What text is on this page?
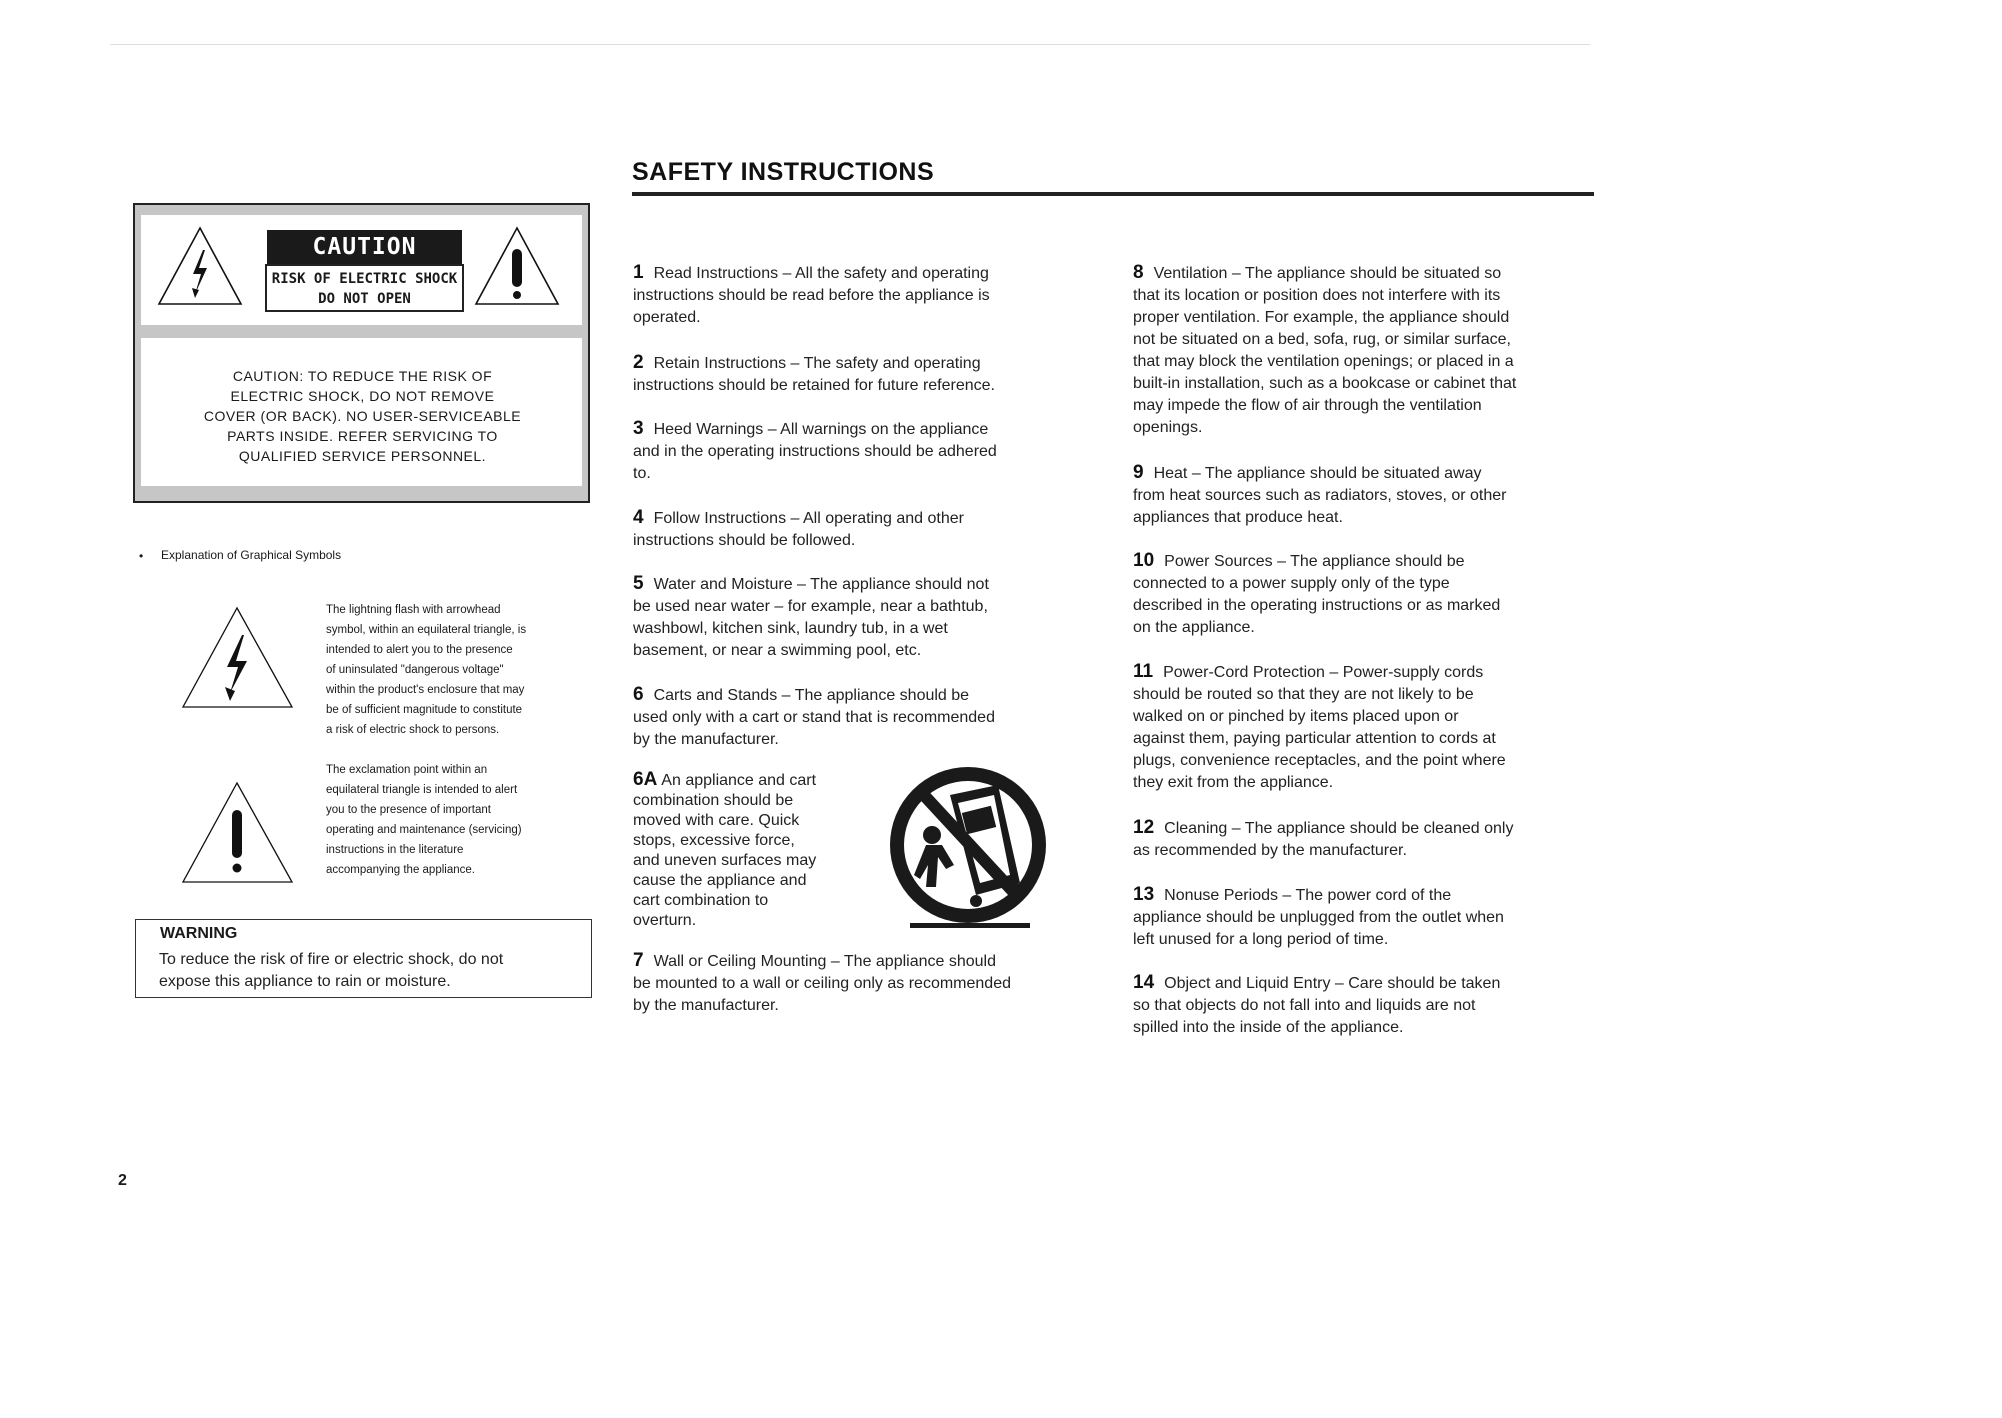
SAFETY INSTRUCTIONS
CAUTION
RISK OF ELECTRIC SHOCK
DO NOT OPEN
CAUTION: TO REDUCE THE RISK OF
ELECTRIC SHOCK, DO NOT REMOVE
COVER (OR BACK). NO USER-SERVICEABLE
PARTS INSIDE. REFER SERVICING TO
QUALIFIED SERVICE PERSONNEL.
• Explanation of Graphical Symbols
The lightning flash with arrowhead
symbol, within an equilateral triangle, is
intended to alert you to the presence
of uninsulated "dangerous voltage"
within the product's enclosure that may
be of sufficient magnitude to constitute
a risk of electric shock to persons.
The exclamation point within an
equilateral triangle is intended to alert
you to the presence of important
operating and maintenance (servicing)
instructions in the literature
accompanying the appliance.
WARNING
To reduce the risk of fire or electric shock, do not
expose this appliance to rain or moisture.
1 Read Instructions – All the safety and operating
instructions should be read before the appliance is
operated.
2 Retain Instructions – The safety and operating
instructions should be retained for future reference.
3 Heed Warnings – All warnings on the appliance
and in the operating instructions should be adhered
to.
4 Follow Instructions – All operating and other
instructions should be followed.
5 Water and Moisture – The appliance should not
be used near water – for example, near a bathtub,
washbowl, kitchen sink, laundry tub, in a wet
basement, or near a swimming pool, etc.
6 Carts and Stands – The appliance should be
used only with a cart or stand that is recommended
by the manufacturer.
6A An appliance and cart
combination should be
moved with care. Quick
stops, excessive force,
and uneven surfaces may
cause the appliance and
cart combination to
overturn.
7 Wall or Ceiling Mounting – The appliance should
be mounted to a wall or ceiling only as recommended
by the manufacturer.
8 Ventilation – The appliance should be situated so
that its location or position does not interfere with its
proper ventilation. For example, the appliance should
not be situated on a bed, sofa, rug, or similar surface,
that may block the ventilation openings; or placed in a
built-in installation, such as a bookcase or cabinet that
may impede the flow of air through the ventilation
openings.
9 Heat – The appliance should be situated away
from heat sources such as radiators, stoves, or other
appliances that produce heat.
10 Power Sources – The appliance should be
connected to a power supply only of the type
described in the operating instructions or as marked
on the appliance.
11 Power-Cord Protection – Power-supply cords
should be routed so that they are not likely to be
walked on or pinched by items placed upon or
against them, paying particular attention to cords at
plugs, convenience receptacles, and the point where
they exit from the appliance.
12 Cleaning – The appliance should be cleaned only
as recommended by the manufacturer.
13 Nonuse Periods – The power cord of the
appliance should be unplugged from the outlet when
left unused for a long period of time.
14 Object and Liquid Entry – Care should be taken
so that objects do not fall into and liquids are not
spilled into the inside of the appliance.
2
